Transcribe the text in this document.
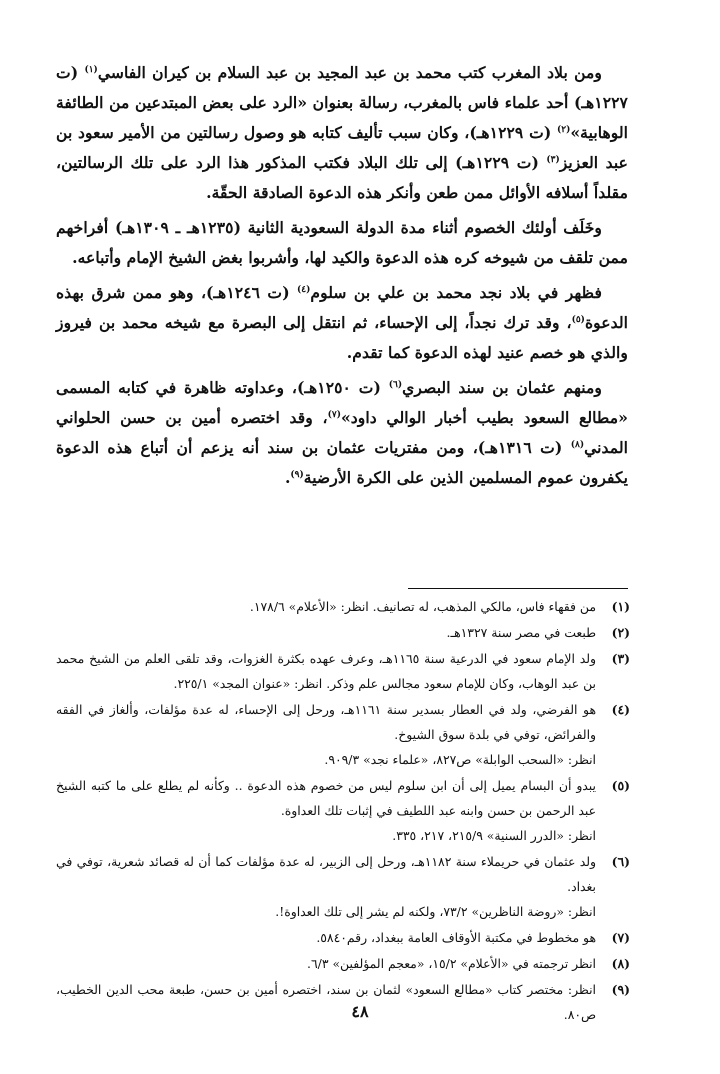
ومن بلاد المغرب كتب محمد بن عبد المجيد بن عبد السلام بن كيران الفاسي$^{(١)}$ (ت ١٢٢٧هـ) أحد علماء فاس بالمغرب، رسالة بعنوان «الرد على بعض المبتدعين من الطائفة الوهابية»$^{(٢)}$ (ت ١٢٢٩هـ)، وكان سبب تأليف كتابه هو وصول رسالتين من الأمير سعود بن عبد العزيز$^{(٣)}$ (ت ١٢٢٩هـ) إلى تلك البلاد فكتب المذكور هذا الرد على تلك الرسالتين، مقلداً أسلافه الأوائل ممن طعن وأنكر هذه الدعوة الصادقة الحقّة.

وخَلَف أولئك الخصوم أثناء مدة الدولة السعودية الثانية (١٢٣٥هـ ـ ١٣٠٩هـ) أفراخهم ممن تلقف من شيوخه كره هذه الدعوة والكيد لها، وأشربوا بغض الشيخ الإمام وأتباعه.

فظهر في بلاد نجد محمد بن علي بن سلوم$^{(٤)}$ (ت ١٢٤٦هـ)، وهو ممن شرق بهذه الدعوة$^{(٥)}$، وقد ترك نجداً، إلى الإحساء، ثم انتقل إلى البصرة مع شيخه محمد بن فيروز والذي هو خصم عنيد لهذه الدعوة كما تقدم.

ومنهم عثمان بن سند البصري$^{(٦)}$ (ت ١٢٥٠هـ)، وعداوته ظاهرة في كتابه المسمى «مطالع السعود بطيب أخبار الوالي داود»$^{(٧)}$، وقد اختصره أمين بن حسن الحلواني المدني$^{(٨)}$ (ت ١٣١٦هـ)، ومن مفتريات عثمان بن سند أنه يزعم أن أتباع هذه الدعوة يكفرون عموم المسلمين الذين على الكرة الأرضية$^{(٩)}$.

(١)
من فقهاء فاس، مالكي المذهب، له تصانيف. انظر: «الأعلام» ١٧٨/٦.
(٢)
طبعت في مصر سنة ١٣٢٧هـ.
(٣)
ولد الإمام سعود في الدرعية سنة ١١٦٥هـ، وعرف عهده بكثرة الغزوات، وقد تلقى العلم من الشيخ محمد بن عبد الوهاب، وكان للإمام سعود مجالس علم وذكر. انظر: «عنوان المجد» ٢٢٥/١.
(٤)
هو الفرضي، ولد في العطار بسدير سنة ١١٦١هـ، ورحل إلى الإحساء، له عدة مؤلفات، وألغاز في الفقه والفرائض، توفي في بلدة سوق الشيوخ.
انظر: «السحب الوابلة» ص٨٢٧، «علماء نجد» ٩٠٩/٣.
(٥)
يبدو أن البسام يميل إلى أن ابن سلوم ليس من خصوم هذه الدعوة .. وكأنه لم يطلع على ما كتبه الشيخ عبد الرحمن بن حسن وابنه عبد اللطيف في إثبات تلك العداوة.
انظر: «الدرر السنية» ٢١٥/٩، ٢١٧، ٣٣٥.
(٦)
ولد عثمان في حريملاء سنة ١١٨٢هـ، ورحل إلى الزبير، له عدة مؤلفات كما أن له قصائد شعرية، توفي في بغداد.
انظر: «روضة الناظرين» ٧٣/٢، ولكنه لم يشر إلى تلك العداوة!.
(٧)
هو مخطوط في مكتبة الأوقاف العامة ببغداد، رقم٥٨٤٠.
(٨)
انظر ترجمته في «الأعلام» ١٥/٢، «معجم المؤلفين» ٦/٣.
(٩)
انظر: مختصر كتاب «مطالع السعود» لثمان بن سند، اختصره أمين بن حسن، طبعة محب الدين الخطيب، ص٨٠.
٤٨
